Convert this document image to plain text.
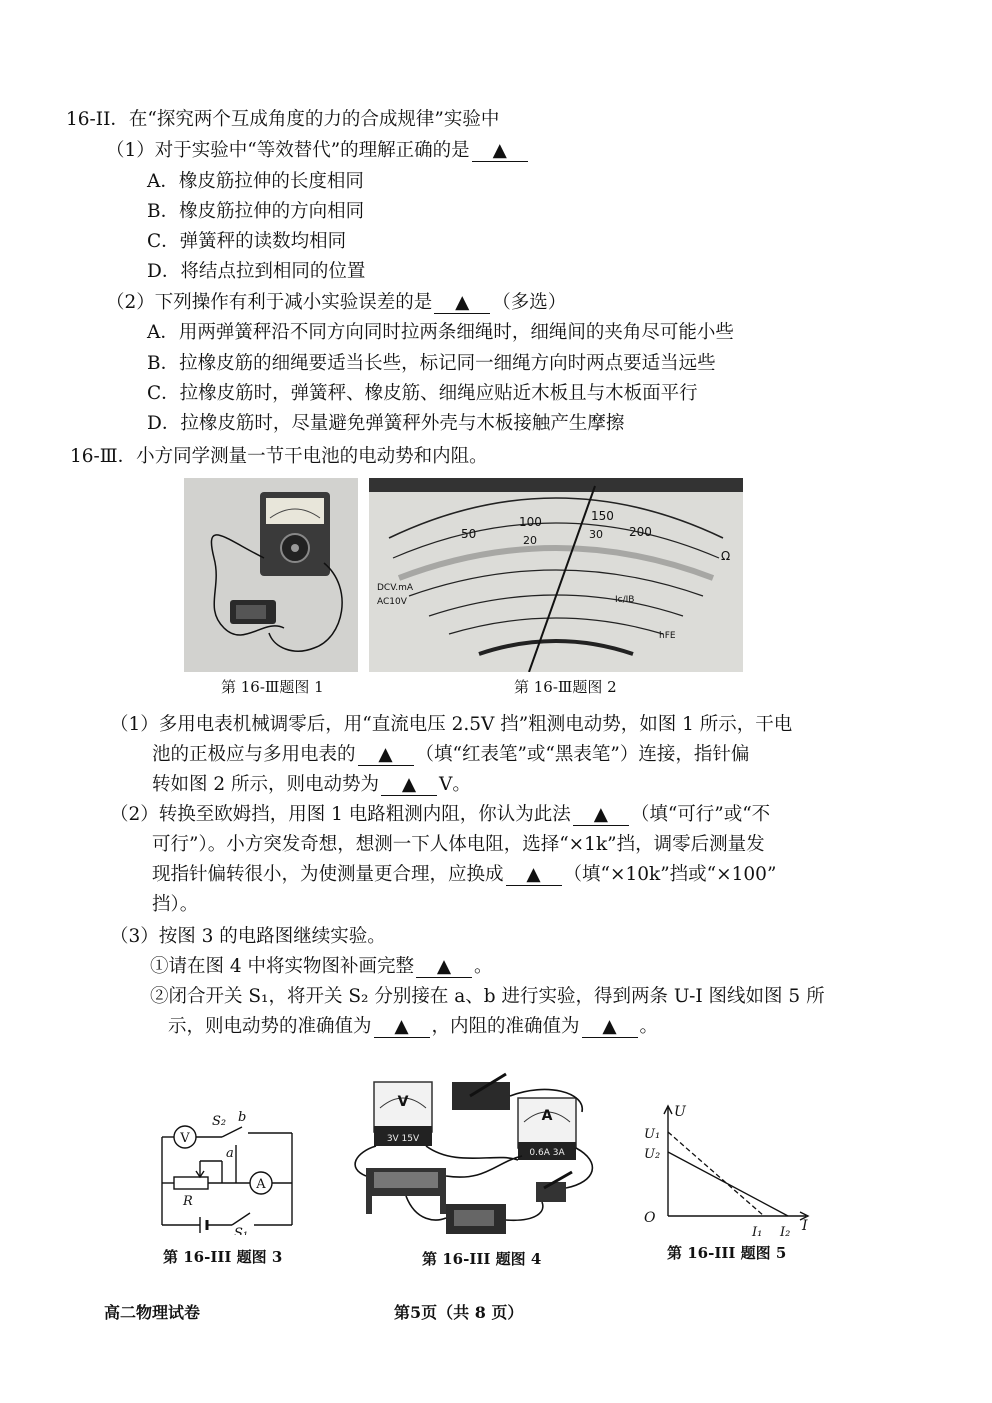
16-II．在“探究两个互成角度的力的合成规律”实验中
（1）对于实验中“等效替代”的理解正确的是 ▲
A．橡皮筋拉伸的长度相同
B．橡皮筋拉伸的方向相同
C．弹簧秤的读数均相同
D．将结点拉到相同的位置
（2）下列操作有利于减小实验误差的是 ▲ （多选）
A．用两弹簧秤沿不同方向同时拉两条细绳时，细绳间的夹角尽可能小些
B．拉橡皮筋的细绳要适当长些，标记同一细绳方向时两点要适当远些
C．拉橡皮筋时，弹簧秤、橡皮筋、细绳应贴近木板且与木板面平行
D．拉橡皮筋时，尽量避免弹簧秤外壳与木板接触产生摩擦
16-Ⅲ．小方同学测量一节干电池的电动势和内阻。
100	150
50	200
20	30
DCV.mA
AC10V
hFE
Ic/IB
Ω
第 16-Ⅲ题图 1	第 16-Ⅲ题图 2
（1）多用电表机械调零后，用“直流电压 2.5V 挡”粗测电动势，如图 1 所示，干电
池的正极应与多用电表的 ▲ （填“红表笔”或“黑表笔”）连接，指针偏
转如图 2 所示，则电动势为 ▲ V。
（2）转换至欧姆挡，用图 1 电路粗测内阻，你认为此法 ▲ （填“可行”或“不
可行”）。小方突发奇想，想测一下人体电阻，选择“×1k”挡，调零后测量发
现指针偏转很小，为使测量更合理，应换成 ▲ （填“×10k”挡或“×100”
挡）。
（3）按图 3 的电路图继续实验。
①请在图 4 中将实物图补画完整 ▲ 。
②闭合开关 S₁，将开关 S₂ 分别接在 a、b 进行实验，得到两条 U-I 图线如图 5 所
示，则电动势的准确值为 ▲ ，内阻的准确值为 ▲ 。
V
A
S₂ b
a
R
S₁
第 16-III 题图 3
V
3V 15V
A
0.6A 3A
第 16-III 题图 4
U
I
O
U₁
U₂
I₁ I₂
第 16-III 题图 5
高二物理试卷	第5页（共 8 页）
